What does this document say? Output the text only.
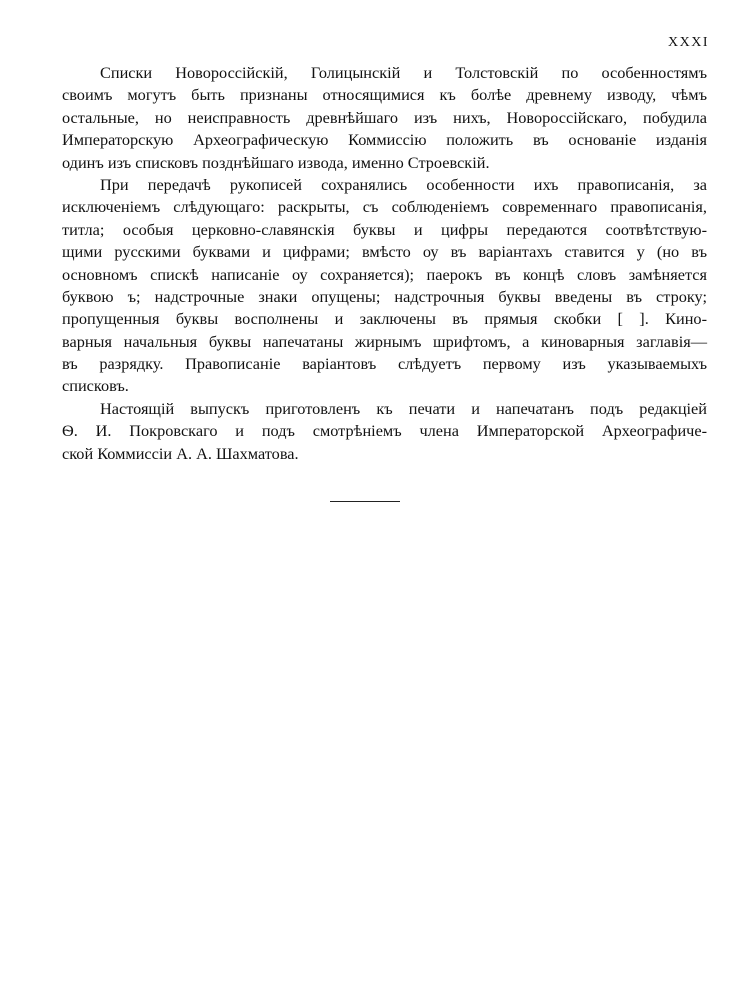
XXXI
Списки Новороссійскій, Голицынскій и Толстовскій по особенностямъ
своимъ могутъ быть признаны относящимися къ болѣе древнему изводу, чѣмъ
остальные, но неисправность древнѣйшаго изъ нихъ, Новороссійскаго, побудила
Императорскую Археографическую Коммиссію положить въ основаніе изданія
одинъ изъ списковъ позднѣйшаго извода, именно Строевскій.
При передачѣ рукописей сохранялись особенности ихъ правописанія, за
исключеніемъ слѣдующаго: раскрыты, съ соблюденіемъ современнаго правописанія,
титла; особыя церковно-славянскія буквы и цифры передаются соотвѣтствую-
щими русскими буквами и цифрами; вмѣсто оу въ варіантахъ ставится у (но въ
основномъ спискѣ написаніе оу сохраняется); паерокъ въ концѣ словъ замѣняется
буквою ъ; надстрочные знаки опущены; надстрочныя буквы введены въ строку;
пропущенныя буквы восполнены и заключены въ прямыя скобки [ ]. Кино-
варныя начальныя буквы напечатаны жирнымъ шрифтомъ, а киноварныя заглавія—
въ разрядку. Правописаніе варіантовъ слѣдуетъ первому изъ указываемыхъ
списковъ.
Настоящій выпускъ приготовленъ къ печати и напечатанъ подъ редакціей
Ѳ. И. Покровскаго и подъ смотрѣніемъ члена Императорской Археографиче-
ской Коммиссіи А. А. Шахматова.
